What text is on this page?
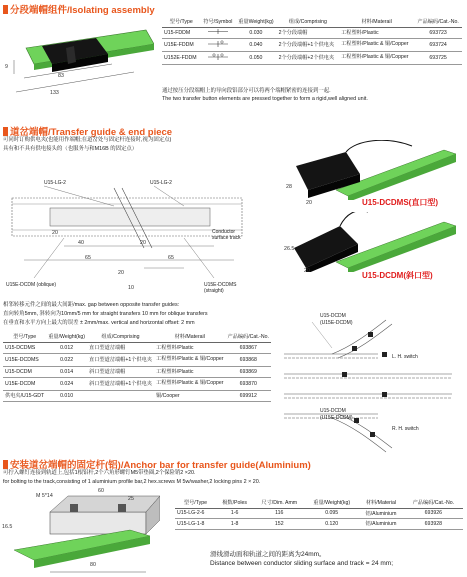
分段端帽组件/Isolating assembly
9
83
133
型号/Type	符号/Symbol	重量Weight(kg)	组成/Comprising	材料/Materail	产品编码/Cat.-No.
U15-FDDM		0.030	2个分段端帽	工程塑料/Plastic	693723
U15E-FDDM		0.040	2个分段端帽+1个供电夹	工程塑料/Plastic & 铜/Copper	693724
U152E-FDDM		0.050	2个分段端帽+2个供电夹	工程塑料/Plastic & 铜/Copper	693725
通过按压分段端帽上的导向段铝部分可以将两个端帽紧密的连接到一起.
The two transfer button elements are pressed together to form a rigid,well aligned unit.
道岔端帽/Transfer guide & end piece
可同时订购供电夹(也能用作端帽;在道岔处与固定杆连接时,视为固定点)
具有和不具有供电接头的（也服务与和M16B 的固定点）
U15-LG-2	U15-LG-2
Conductor surface track
U15E-DCDM (oblique)	U15E-DCDMS (straight)
20
40	20
65	65
20
10
28
20	U15-DCDMS(直口型)
26.5
20	U15-DCDM(斜口型)
相邻转移元件之间的最大间距/max. gap between opposite transfer guides:
直向转角5mm, 斜转向为10mm/5 mm for straight transfers 10 mm for oblique transfers
在垂直和水平方向上最大的误差 ± 2mm/max. vertical and horizontal offset: 2 mm
型号/Type	重量/Weight(kg)	组成/Comprising	材料/Materail	产品编码/Cat.-No.
U15-DCDMS	0.012	直口型道岔端帽	工程塑料/Plastic	693867
U15E-DCDMS	0.022	直口型道岔端帽+1个供电夹	工程塑料/Plastic & 铜/Copper	693868
U15-DCDM	0.014	斜口型道岔端帽	工程塑料/Plastic	693869
U15E-DCDM	0.024	斜口型道岔端帽+1个供电夹	工程塑料/Plastic & 铜/Copper	693870
供电夹/U15-GDT	0.010		铜/Cooper	699912
U15-DCDM
(U15E-DCDM)
L. H. switch
U15-DCDM
(U15E-DCDM)
R. H. switch
安装道岔端帽的固定杆(铝)/Anchor bar for transfer guide(Aluminium)
可拧入螺钉连接到轨道上,包括1根铝杆,2个六角形螺钉M5带垫圈,2个保险销2 ×20.
for bolting to the track,consisting of 1 aluminium profile bar,2 hex.screws M 5w/washer,2 locking pins 2 × 20.
M 5*14
60
25
16.5
80
型号/Type	极数/Poles	尺寸/Dim. Amm	重量/Weight(kg)	材料/Material	产品编码/Cat.-No.
U15-LG-2-6	1-6	116	0.095	铝/Aluminium	693926
U15-LG-1-8	1-8	152	0.120	铝/Aluminium	693928
滑线滑动面和轨道之间的距离为24mm。
Distance between conductor sliding surface and track = 24 mm;
